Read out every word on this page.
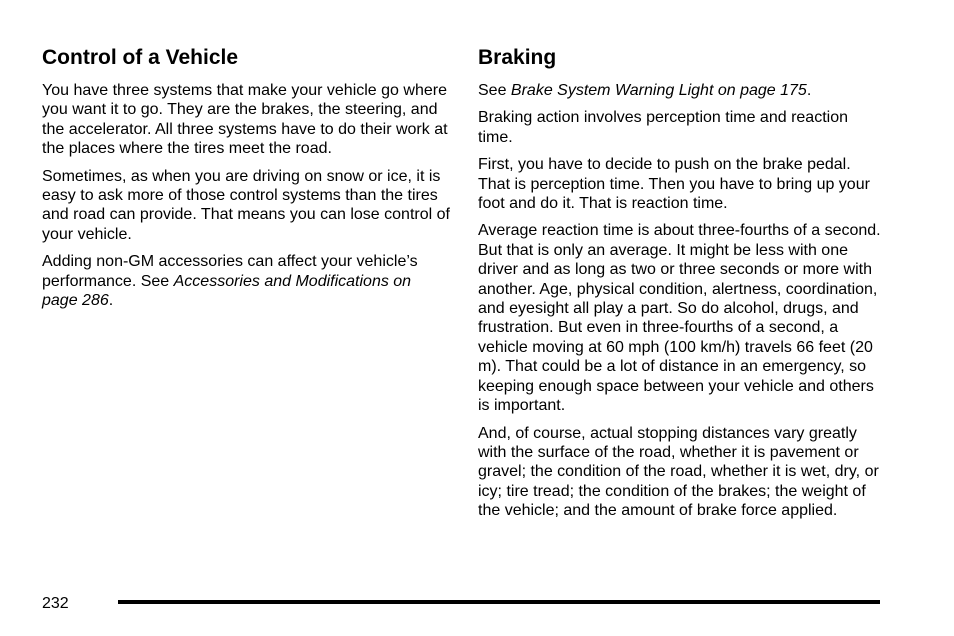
Control of a Vehicle

You have three systems that make your vehicle go where you want it to go. They are the brakes, the steering, and the accelerator. All three systems have to do their work at the places where the tires meet the road.

Sometimes, as when you are driving on snow or ice, it is easy to ask more of those control systems than the tires and road can provide. That means you can lose control of your vehicle.

Adding non-GM accessories can affect your vehicle’s performance. See Accessories and Modifications on page 286.

Braking

See Brake System Warning Light on page 175.

Braking action involves perception time and reaction time.

First, you have to decide to push on the brake pedal. That is perception time. Then you have to bring up your foot and do it. That is reaction time.

Average reaction time is about three-fourths of a second. But that is only an average. It might be less with one driver and as long as two or three seconds or more with another. Age, physical condition, alertness, coordination, and eyesight all play a part. So do alcohol, drugs, and frustration. But even in three-fourths of a second, a vehicle moving at 60 mph (100 km/h) travels 66 feet (20 m). That could be a lot of distance in an emergency, so keeping enough space between your vehicle and others is important.

And, of course, actual stopping distances vary greatly with the surface of the road, whether it is pavement or gravel; the condition of the road, whether it is wet, dry, or icy; tire tread; the condition of the brakes; the weight of the vehicle; and the amount of brake force applied.

232
